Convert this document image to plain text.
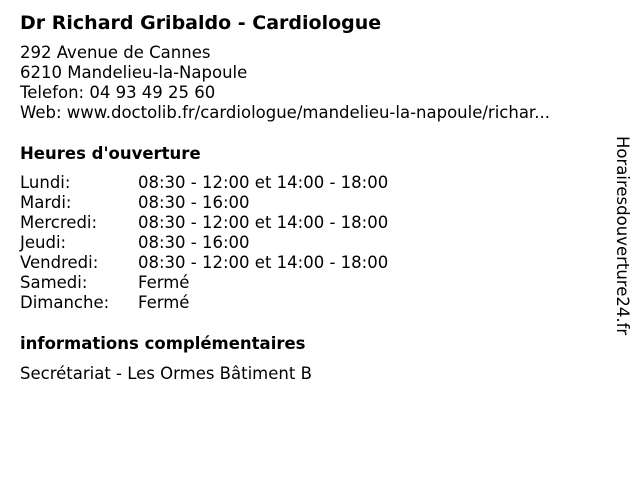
Dr Richard Gribaldo - Cardiologue
292 Avenue de Cannes
6210 Mandelieu-la-Napoule
Telefon: 04 93 49 25 60
Web: www.doctolib.fr/cardiologue/mandelieu-la-napoule/richar...
Heures d'ouverture
Lundi:	08:30 - 12:00 et 14:00 - 18:00
Mardi:	08:30 - 16:00
Mercredi:	08:30 - 12:00 et 14:00 - 18:00
Jeudi:	08:30 - 16:00
Vendredi:	08:30 - 12:00 et 14:00 - 18:00
Samedi:	Fermé
Dimanche:	Fermé
informations complémentaires
Secrétariat - Les Ormes Bâtiment B
Horairesdouverture24.fr
